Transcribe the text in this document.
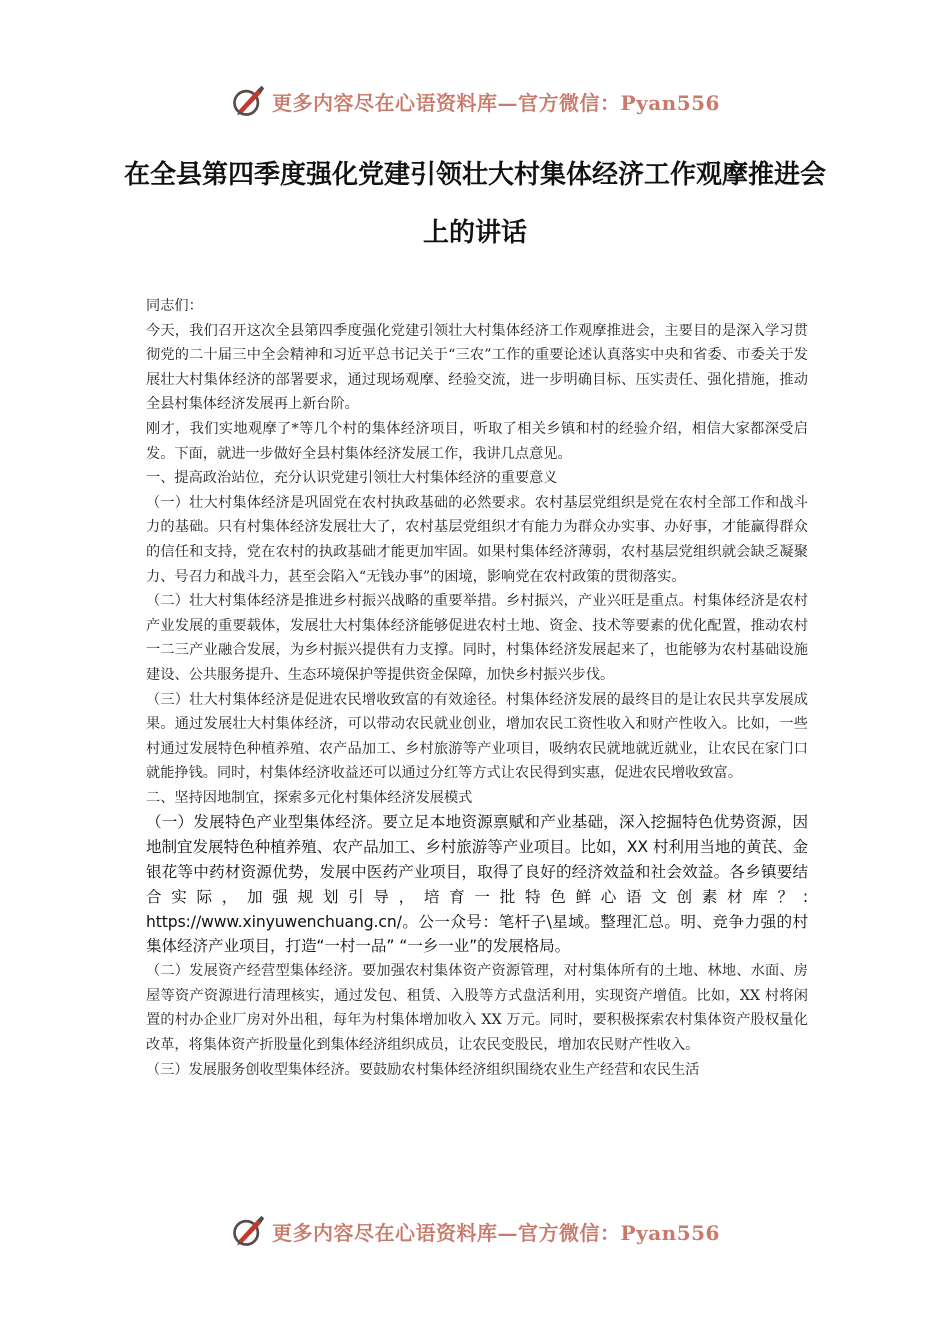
更多内容尽在心语资料库—官方微信：Pyan556
在全县第四季度强化党建引领壮大村集体经济工作观摩推进会上的讲话

同志们：

今天，我们召开这次全县第四季度强化党建引领壮大村集体经济工作观摩推进会，主要目的是深入学习贯彻党的二十届三中全会精神和习近平总书记关于“三农”工作的重要论述认真落实中央和省委、市委关于发展壮大村集体经济的部署要求，通过现场观摩、经验交流，进一步明确目标、压实责任、强化措施，推动全县村集体经济发展再上新台阶。

刚才，我们实地观摩了*等几个村的集体经济项目，听取了相关乡镇和村的经验介绍，相信大家都深受启发。下面，就进一步做好全县村集体经济发展工作，我讲几点意见。

一、提高政治站位，充分认识党建引领壮大村集体经济的重要意义

（一）壮大村集体经济是巩固党在农村执政基础的必然要求。农村基层党组织是党在农村全部工作和战斗力的基础。只有村集体经济发展壮大了，农村基层党组织才有能力为群众办实事、办好事，才能赢得群众的信任和支持，党在农村的执政基础才能更加牢固。如果村集体经济薄弱，农村基层党组织就会缺乏凝聚力、号召力和战斗力，甚至会陷入“无钱办事”的困境，影响党在农村政策的贯彻落实。

（二）壮大村集体经济是推进乡村振兴战略的重要举措。乡村振兴，产业兴旺是重点。村集体经济是农村产业发展的重要载体，发展壮大村集体经济能够促进农村土地、资金、技术等要素的优化配置，推动农村一二三产业融合发展，为乡村振兴提供有力支撑。同时，村集体经济发展起来了，也能够为农村基础设施建设、公共服务提升、生态环境保护等提供资金保障，加快乡村振兴步伐。

（三）壮大村集体经济是促进农民增收致富的有效途径。村集体经济发展的最终目的是让农民共享发展成果。通过发展壮大村集体经济，可以带动农民就业创业，增加农民工资性收入和财产性收入。比如，一些村通过发展特色种植养殖、农产品加工、乡村旅游等产业项目，吸纳农民就地就近就业，让农民在家门口就能挣钱。同时，村集体经济收益还可以通过分红等方式让农民得到实惠，促进农民增收致富。

二、坚持因地制宜，探索多元化村集体经济发展模式

（一）发展特色产业型集体经济。要立足本地资源禀赋和产业基础，深入挖掘特色优势资源，因地制宜发展特色种植养殖、农产品加工、乡村旅游等产业项目。比如，XX 村利用当地的黄芪、金银花等中药材资源优势，发展中医药产业项目，取得了良好的经济效益和社会效益。各乡镇要结合实际，加强规划引导，培育一批特色鲜心语文创素材库？: https://www.xinyuwenchuang.cn/。公一众号：笔杆子\星域。整理汇总。明、竞争力强的村集体经济产业项目，打造“一村一品” “一乡一业”的发展格局。

（二）发展资产经营型集体经济。要加强农村集体资产资源管理，对村集体所有的土地、林地、水面、房屋等资产资源进行清理核实，通过发包、租赁、入股等方式盘活利用，实现资产增值。比如，XX 村将闲置的村办企业厂房对外出租，每年为村集体增加收入 XX 万元。同时，要积极探索农村集体资产股权量化改革，将集体资产折股量化到集体经济组织成员，让农民变股民，增加农民财产性收入。

（三）发展服务创收型集体经济。要鼓励农村集体经济组织围绕农业生产经营和农民生活

更多内容尽在心语资料库—官方微信：Pyan556
